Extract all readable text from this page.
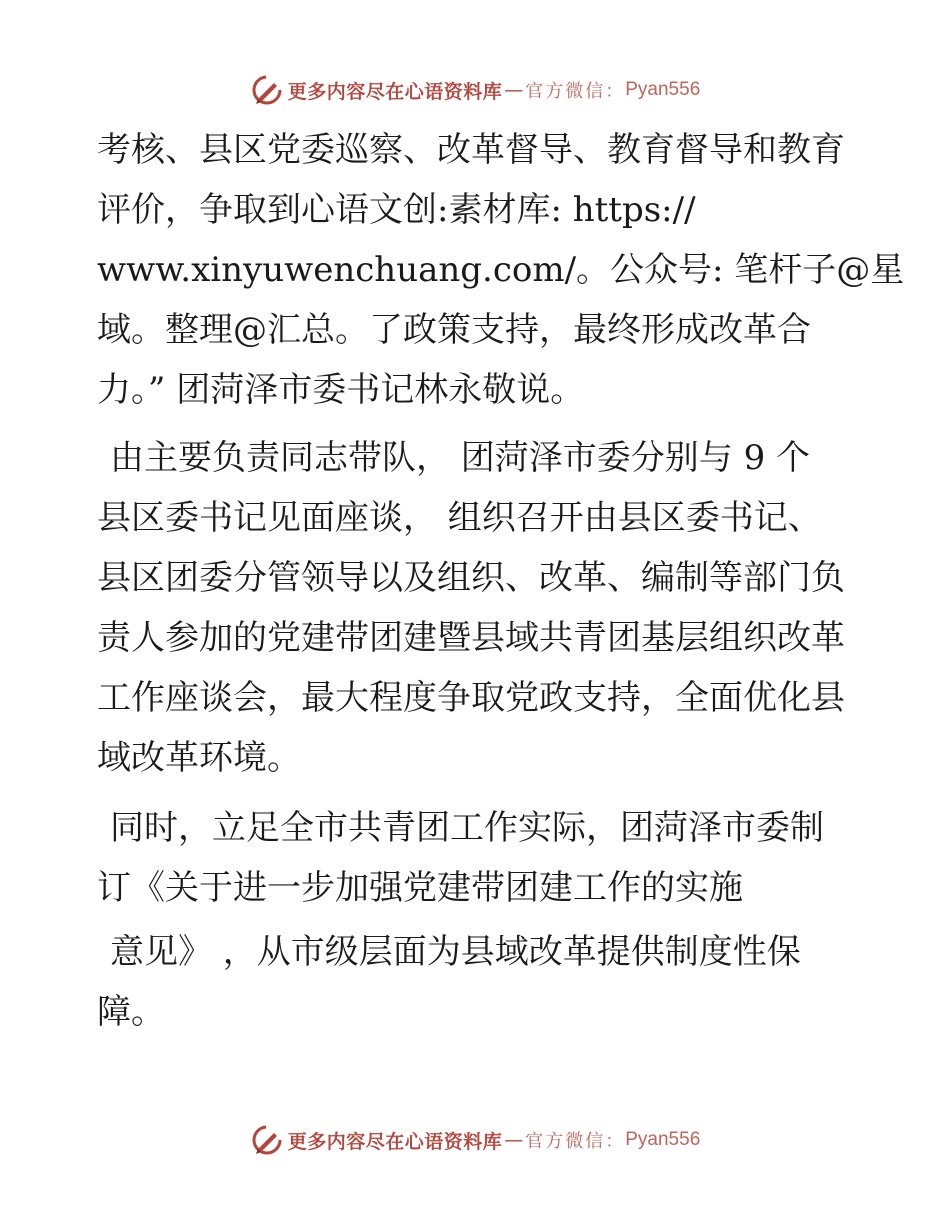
更多内容尽在心语资料库 — 官方微信： Pyan556

考核、县区党委巡察、改革督导、教育督导和教育
评价，争取到心语文创:素材库: https://
www.xinyuwenchuang.com/。公众号: 笔杆子@星
域。整理@汇总。了政策支持，最终形成改革合
力。” 团菏泽市委书记林永敬说。

由主要负责同志带队， 团菏泽市委分别与 9 个
县区委书记见面座谈， 组织召开由县区委书记、
县区团委分管领导以及组织、改革、编制等部门负
责人参加的党建带团建暨县域共青团基层组织改革
工作座谈会，最大程度争取党政支持，全面优化县
域改革环境。

同时，立足全市共青团工作实际，团菏泽市委制
订《关于进一步加强党建带团建工作的实施

意见》 ，从市级层面为县域改革提供制度性保
障。

更多内容尽在心语资料库 — 官方微信： Pyan556
